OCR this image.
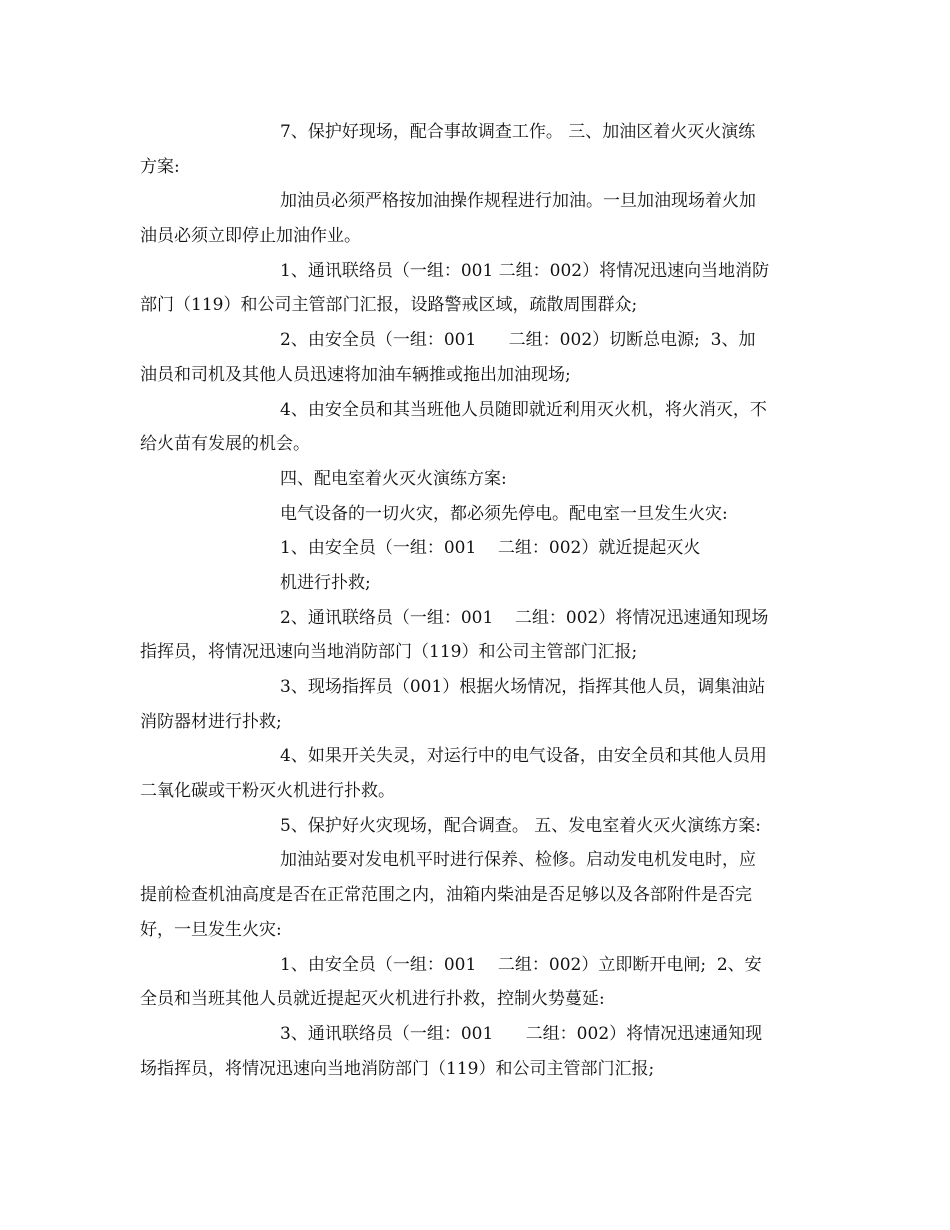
7、保护好现场，配合事故调查工作。 三、加油区着火灭火演练
方案:
加油员必须严格按加油操作规程进行加油。一旦加油现场着火加
油员必须立即停止加油作业。
1、通讯联络员（一组：001 二组：002）将情况迅速向当地消防
部门（119）和公司主管部门汇报，设路警戒区域，疏散周围群众;
2、由安全员（一组：001      二组：002）切断总电源;  3、加
油员和司机及其他人员迅速将加油车辆推或拖出加油现场;
4、由安全员和其当班他人员随即就近利用灭火机，将火消灭，不
给火苗有发展的机会。
四、配电室着火灭火演练方案:
电气设备的一切火灾，都必须先停电。配电室一旦发生火灾:
1、由安全员（一组：001    二组：002）就近提起灭火
机进行扑救;
2、通讯联络员（一组：001    二组：002）将情况迅速通知现场
指挥员，将情况迅速向当地消防部门（119）和公司主管部门汇报;
3、现场指挥员（001）根据火场情况，指挥其他人员，调集油站
消防器材进行扑救;
4、如果开关失灵，对运行中的电气设备，由安全员和其他人员用
二氧化碳或干粉灭火机进行扑救。
5、保护好火灾现场，配合调查。 五、发电室着火灭火演练方案:
加油站要对发电机平时进行保养、检修。启动发电机发电时，应
提前检查机油高度是否在正常范围之内，油箱内柴油是否足够以及各部附件是否完
好，一旦发生火灾:
1、由安全员（一组：001    二组：002）立即断开电闸;  2、安
全员和当班其他人员就近提起灭火机进行扑救，控制火势蔓延:
3、通讯联络员（一组：001      二组：002）将情况迅速通知现
场指挥员，将情况迅速向当地消防部门（119）和公司主管部门汇报;
